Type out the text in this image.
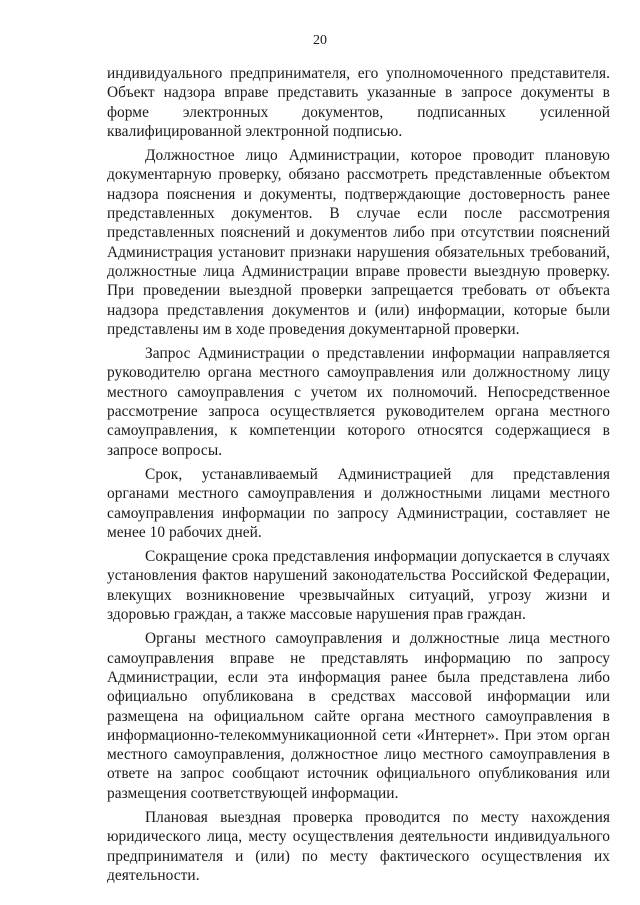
20

индивидуального предпринимателя, его уполномоченного представителя. Объект надзора вправе представить указанные в запросе документы в форме электронных документов, подписанных усиленной квалифицированной электронной подписью.

Должностное лицо Администрации, которое проводит плановую документарную проверку, обязано рассмотреть представленные объектом надзора пояснения и документы, подтверждающие достоверность ранее представленных документов. В случае если после рассмотрения представленных пояснений и документов либо при отсутствии пояснений Администрация установит признаки нарушения обязательных требований, должностные лица Администрации вправе провести выездную проверку. При проведении выездной проверки запрещается требовать от объекта надзора представления документов и (или) информации, которые были представлены им в ходе проведения документарной проверки.

Запрос Администрации о представлении информации направляется руководителю органа местного самоуправления или должностному лицу местного самоуправления с учетом их полномочий. Непосредственное рассмотрение запроса осуществляется руководителем органа местного самоуправления, к компетенции которого относятся содержащиеся в запросе вопросы.

Срок, устанавливаемый Администрацией для представления органами местного самоуправления и должностными лицами местного самоуправления информации по запросу Администрации, составляет не менее 10 рабочих дней.

Сокращение срока представления информации допускается в случаях установления фактов нарушений законодательства Российской Федерации, влекущих возникновение чрезвычайных ситуаций, угрозу жизни и здоровью граждан, а также массовые нарушения прав граждан.

Органы местного самоуправления и должностные лица местного самоуправления вправе не представлять информацию по запросу Администрации, если эта информация ранее была представлена либо официально опубликована в средствах массовой информации или размещена на официальном сайте органа местного самоуправления в информационно-телекоммуникационной сети «Интернет». При этом орган местного самоуправления, должностное лицо местного самоуправления в ответе на запрос сообщают источник официального опубликования или размещения соответствующей информации.

Плановая выездная проверка проводится по месту нахождения юридического лица, месту осуществления деятельности индивидуального предпринимателя и (или) по месту фактического осуществления их деятельности.
